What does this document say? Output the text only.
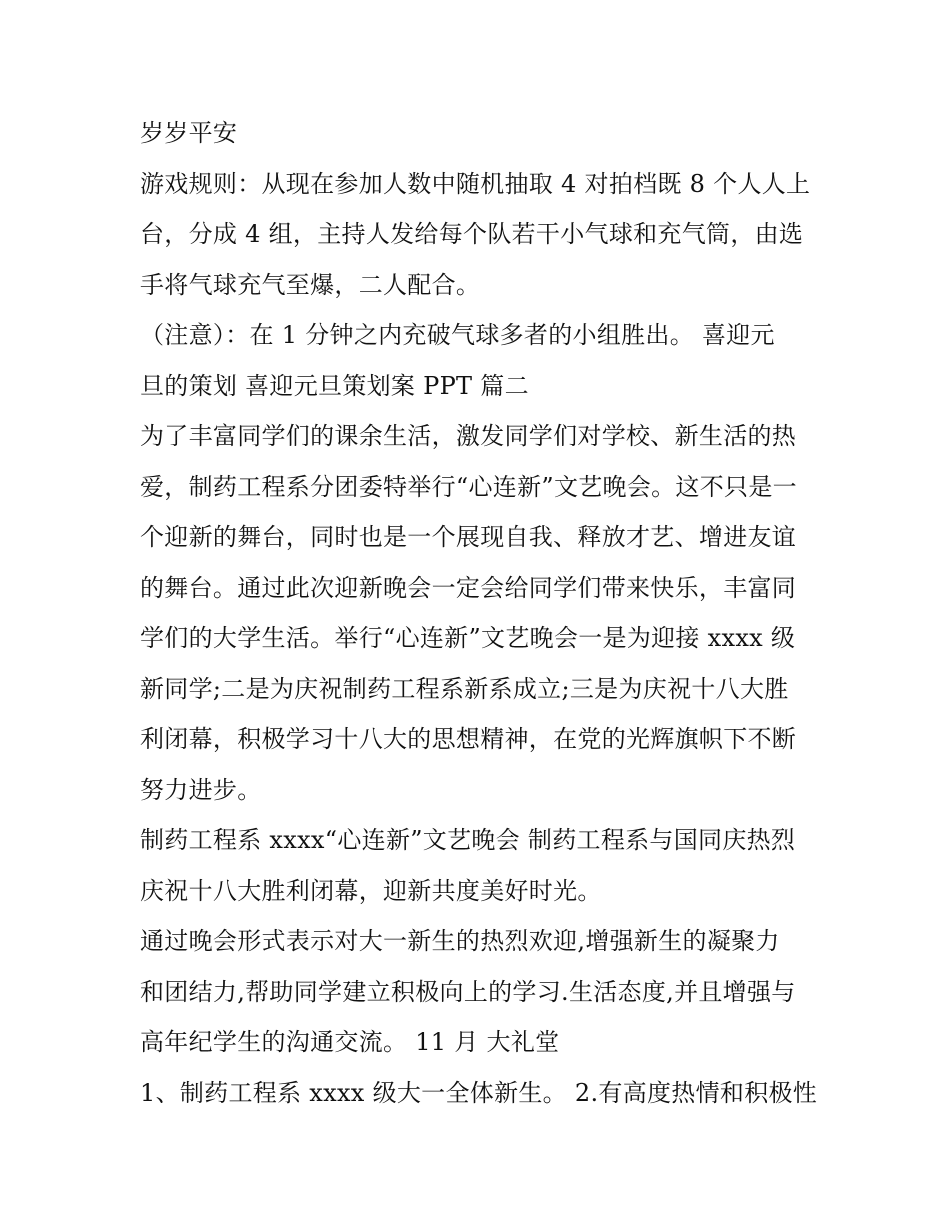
岁岁平安
游戏规则：从现在参加人数中随机抽取 4 对拍档既 8 个人人上
台，分成 4 组，主持人发给每个队若干小气球和充气筒，由选
手将气球充气至爆，二人配合。
（注意）：在 1 分钟之内充破气球多者的小组胜出。 喜迎元
旦的策划 喜迎元旦策划案 PPT 篇二
为了丰富同学们的课余生活，激发同学们对学校、新生活的热
爱，制药工程系分团委特举行“心连新”文艺晚会。这不只是一
个迎新的舞台，同时也是一个展现自我、释放才艺、增进友谊
的舞台。通过此次迎新晚会一定会给同学们带来快乐，丰富同
学们的大学生活。举行“心连新”文艺晚会一是为迎接 xxxx 级
新同学;二是为庆祝制药工程系新系成立;三是为庆祝十八大胜
利闭幕，积极学习十八大的思想精神，在党的光辉旗帜下不断
努力进步。
制药工程系 xxxx“心连新”文艺晚会 制药工程系与国同庆热烈
庆祝十八大胜利闭幕，迎新共度美好时光。
通过晚会形式表示对大一新生的热烈欢迎,增强新生的凝聚力
和团结力,帮助同学建立积极向上的学习.生活态度,并且增强与
高年纪学生的沟通交流。 11 月 大礼堂
1、制药工程系 xxxx 级大一全体新生。 2.有高度热情和积极性
